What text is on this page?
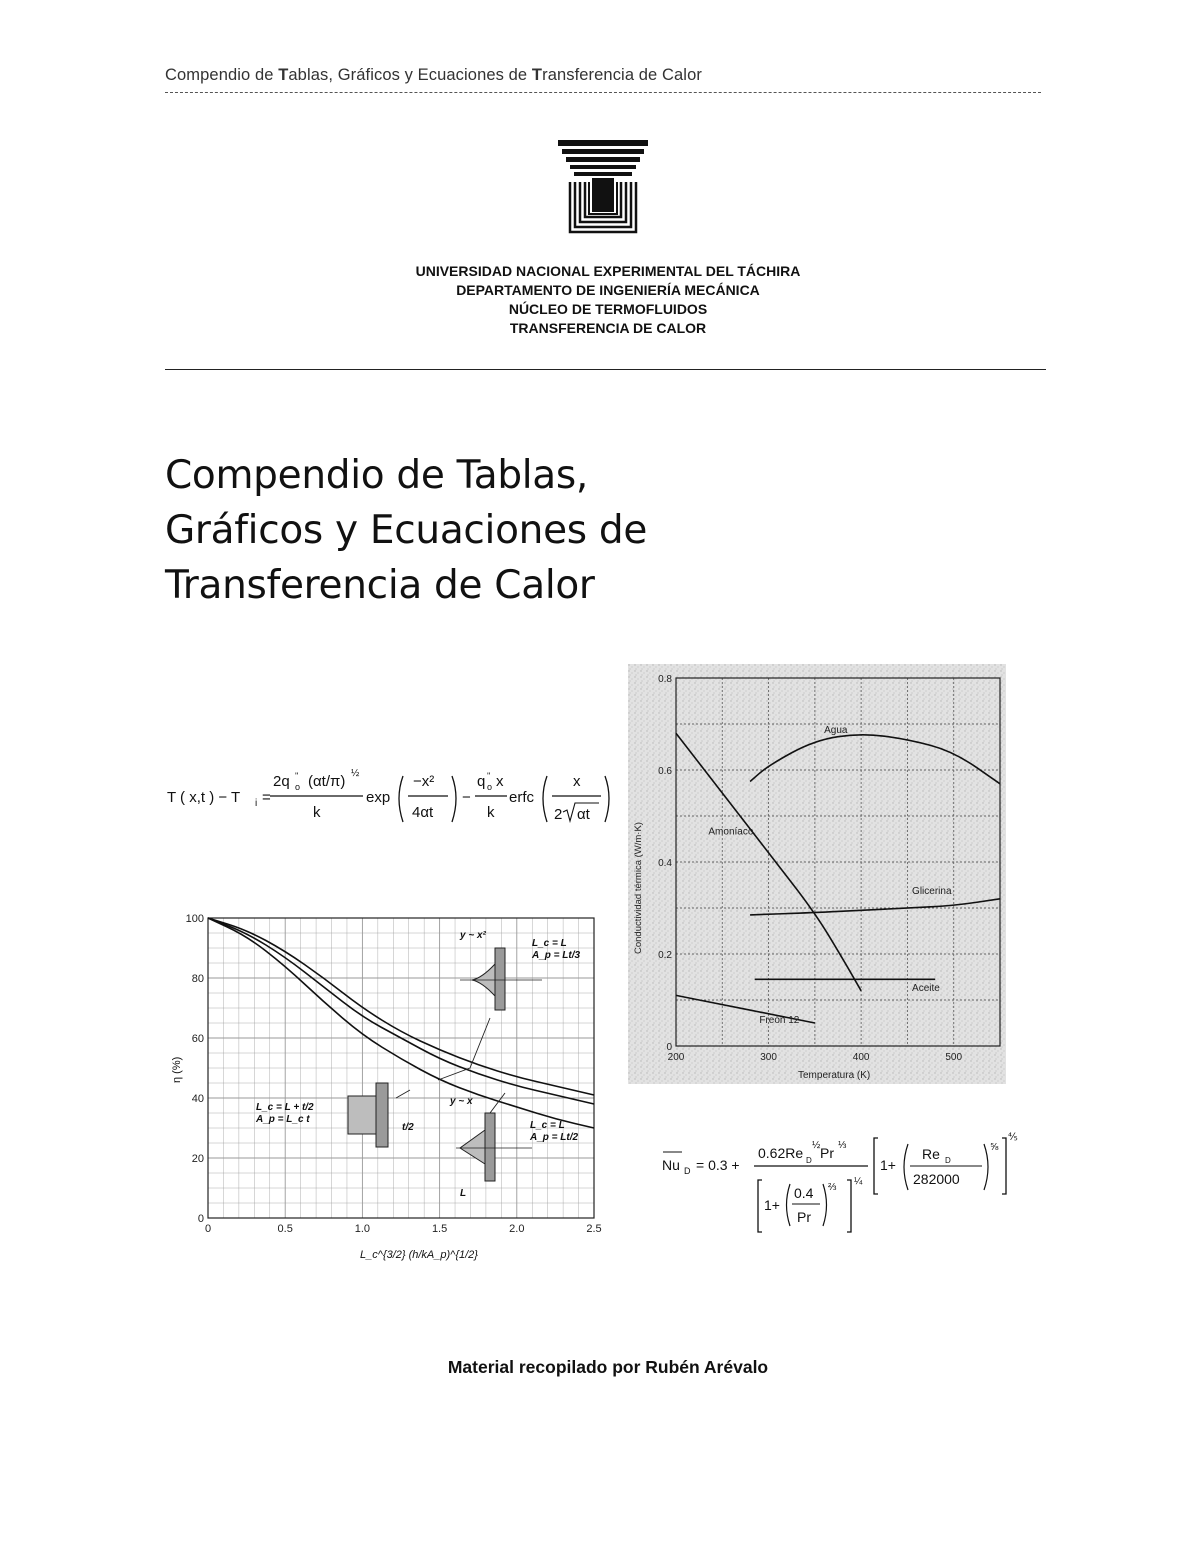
Compendio de Tablas, Gráficos y Ecuaciones de Transferencia de Calor
UNIVERSIDAD NACIONAL EXPERIMENTAL DEL TÁCHIRA
DEPARTAMENTO DE INGENIERÍA MECÁNICA
NÚCLEO DE TERMOFLUIDOS
TRANSFERENCIA DE CALOR
Compendio de Tablas,
Gráficos y Ecuaciones de
Transferencia de Calor
T ( x,t ) − T i =
2q ''
o (αt/π) ½
k
exp
−x²
4αt
−
q ''
o x
k
erfc
x
2 αt
0	0.5	1.0	1.5	2.0	2.5
0
20
40
60
80
100
y ~ x²
L_c = L
A_p = Lt/3
L_c = L + t/2
A_p = L_c t
y ~ x
L_c = L
A_p = Lt/2
t/2
L
η (%)
L_c^{3/2} (h/kA_p)^{1/2}
200	300	400	500
0
0.2
0.4
0.6
0.8
Agua
Amoníaco
Glicerina
Aceite
Freón 12
Conductividad térmica (W/m·K)
Temperatura (K)
Nu D = 0.3 +
0.62Re D
½ Pr ⅓
1+
0.4
Pr
⅔
¼
1+
Re D
282000
⅝
⅘
Material recopilado por Rubén Arévalo
